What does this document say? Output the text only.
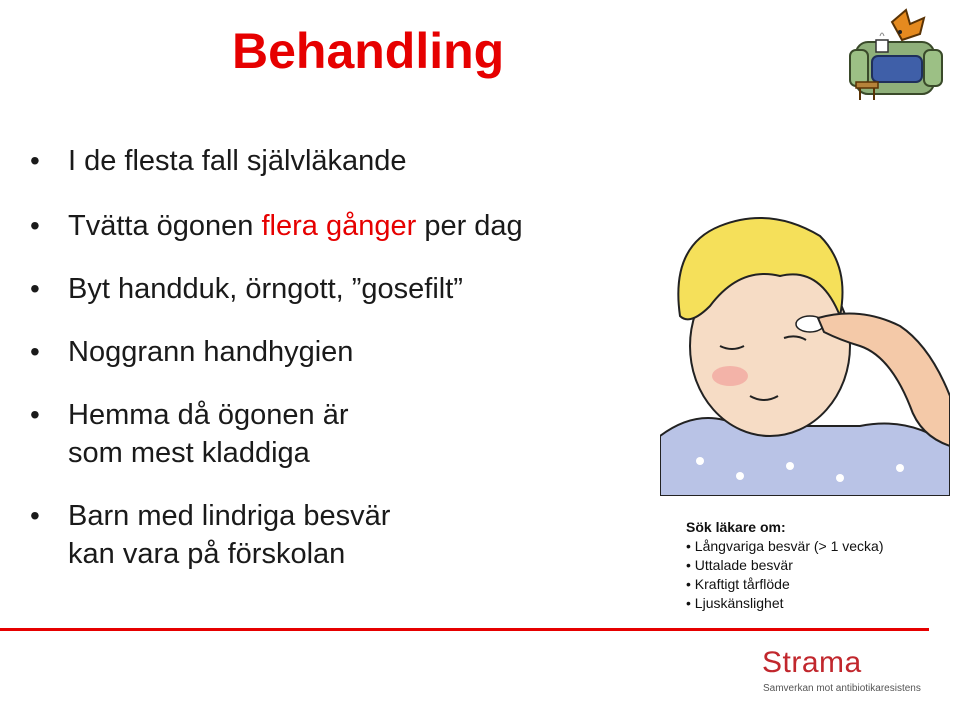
Behandling
• I de flesta fall självläkande
• Tvätta ögonen flera gånger per dag
• Byt handduk, örngott, ”gosefilt”
• Noggrann handhygien
• Hemma då ögonen är
som mest kladdiga
• Barn med lindriga besvär
kan vara på förskolan
Sök läkare om:
• Långvariga besvär (> 1 vecka)
• Uttalade besvär
• Kraftigt tårflöde
• Ljuskänslighet
Strama
Samverkan mot antibiotikaresistens
